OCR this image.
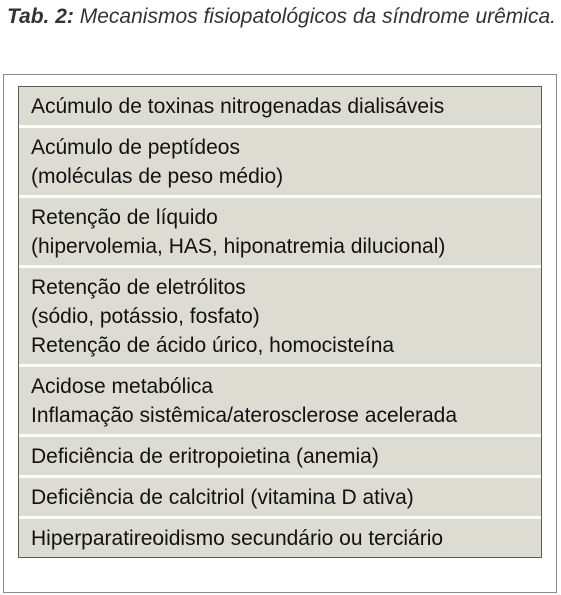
Tab. 2: Mecanismos fisiopatológicos da síndrome urêmica.

Acúmulo de toxinas nitrogenadas dialisáveis
Acúmulo de peptídeos
(moléculas de peso médio)
Retenção de líquido
(hipervolemia, HAS, hiponatremia dilucional)
Retenção de eletrólitos
(sódio, potássio, fosfato)
Retenção de ácido úrico, homocisteína
Acidose metabólica
Inflamação sistêmica/aterosclerose acelerada
Deficiência de eritropoietina (anemia)
Deficiência de calcitriol (vitamina D ativa)
Hiperparatireoidismo secundário ou terciário
